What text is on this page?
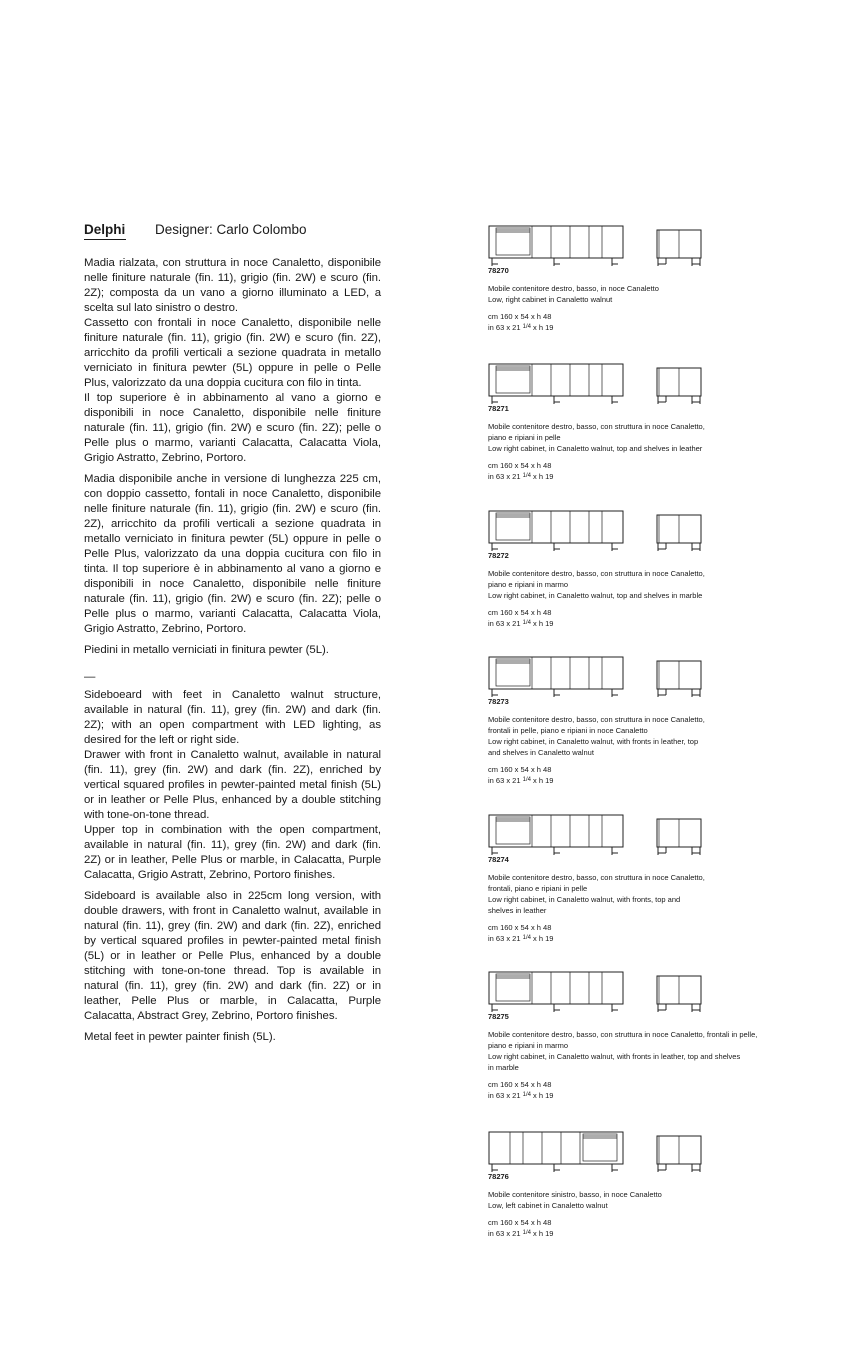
Delphi Designer: Carlo Colombo

Madia rialzata, con struttura in noce Canaletto, disponibile nelle finiture naturale (fin. 11), grigio (fin. 2W) e scuro (fin. 2Z); composta da un vano a giorno illuminato a LED, a scelta sul lato sinistro o destro.

Cassetto con frontali in noce Canaletto, disponibile nelle finiture naturale (fin. 11), grigio (fin. 2W) e scuro (fin. 2Z), arricchito da profili verticali a sezione quadrata in metallo verniciato in finitura pewter (5L) oppure in pelle o Pelle Plus, valorizzato da una doppia cucitura con filo in tinta.

Il top superiore è in abbinamento al vano a giorno e disponibili in noce Canaletto, disponibile nelle finiture naturale (fin. 11), grigio (fin. 2W) e scuro (fin. 2Z); pelle o Pelle plus o marmo, varianti Calacatta, Calacatta Viola, Grigio Astratto, Zebrino, Portoro.

Madia disponibile anche in versione di lunghezza 225 cm, con doppio cassetto, fontali in noce Canaletto, disponibile nelle finiture naturale (fin. 11), grigio (fin. 2W) e scuro (fin. 2Z), arricchito da profili verticali a sezione quadrata in metallo verniciato in finitura pewter (5L) oppure in pelle o Pelle Plus, valorizzato da una doppia cucitura con filo in tinta. Il top superiore è in abbinamento al vano a giorno e disponibili in noce Canaletto, disponibile nelle finiture naturale (fin. 11), grigio (fin. 2W) e scuro (fin. 2Z); pelle o Pelle plus o marmo, varianti Calacatta, Calacatta Viola, Grigio Astratto, Zebrino, Portoro.

Piedini in metallo verniciati in finitura pewter (5L).

—

Sideboeard with feet in Canaletto walnut structure, available in natural (fin. 11), grey (fin. 2W) and dark (fin. 2Z); with an open compartment with LED lighting, as desired for the left or right side.

Drawer with front in Canaletto walnut, available in natural (fin. 11), grey (fin. 2W) and dark (fin. 2Z), enriched by vertical squared profiles in pewter-painted metal finish (5L) or in leather or Pelle Plus, enhanced by a double stitching with tone-on-tone thread.

Upper top in combination with the open compartment, available in natural (fin. 11), grey (fin. 2W) and dark (fin. 2Z) or in leather, Pelle Plus or marble, in Calacatta, Purple Calacatta, Grigio Astratt, Zebrino, Portoro finishes.

Sideboard is available also in 225cm long version, with double drawers, with front in Canaletto walnut, available in natural (fin. 11), grey (fin. 2W) and dark (fin. 2Z), enriched by vertical squared profiles in pewter-painted metal finish (5L) or in leather or Pelle Plus, enhanced by a double stitching with tone-on-tone thread. Top is available in natural (fin. 11), grey (fin. 2W) and dark (fin. 2Z) or in leather, Pelle Plus or marble, in Calacatta, Purple Calacatta, Abstract Grey, Zebrino, Portoro finishes.

Metal feet in pewter painter finish (5L).

78270
Mobile contenitore destro, basso, in noce Canaletto
Low, right cabinet in Canaletto walnut
cm 160 x 54 x h 48
in 63 x 21 $^{1/4}$ x h 19
78271
Mobile contenitore destro, basso, con struttura in noce Canaletto,
piano e ripiani in pelle
Low right cabinet, in Canaletto walnut, top and shelves in leather
cm 160 x 54 x h 48
in 63 x 21 $^{1/4}$ x h 19
78272
Mobile contenitore destro, basso, con struttura in noce Canaletto,
piano e ripiani in marmo
Low right cabinet, in Canaletto walnut, top and shelves in marble
cm 160 x 54 x h 48
in 63 x 21 $^{1/4}$ x h 19
78273
Mobile contenitore destro, basso, con struttura in noce Canaletto,
frontali in pelle, piano e ripiani in noce Canaletto
Low right cabinet, in Canaletto walnut, with fronts in leather, top
and shelves in Canaletto walnut
cm 160 x 54 x h 48
in 63 x 21 $^{1/4}$ x h 19
78274
Mobile contenitore destro, basso, con struttura in noce Canaletto,
frontali, piano e ripiani in pelle
Low right cabinet, in Canaletto walnut, with fronts, top and
shelves in leather
cm 160 x 54 x h 48
in 63 x 21 $^{1/4}$ x h 19
78275
Mobile contenitore destro, basso, con struttura in noce Canaletto, frontali in pelle,
piano e ripiani in marmo
Low right cabinet, in Canaletto walnut, with fronts in leather, top and shelves
in marble
cm 160 x 54 x h 48
in 63 x 21 $^{1/4}$ x h 19
78276
Mobile contenitore sinistro, basso, in noce Canaletto
Low, left cabinet in Canaletto walnut
cm 160 x 54 x h 48
in 63 x 21 $^{1/4}$ x h 19
